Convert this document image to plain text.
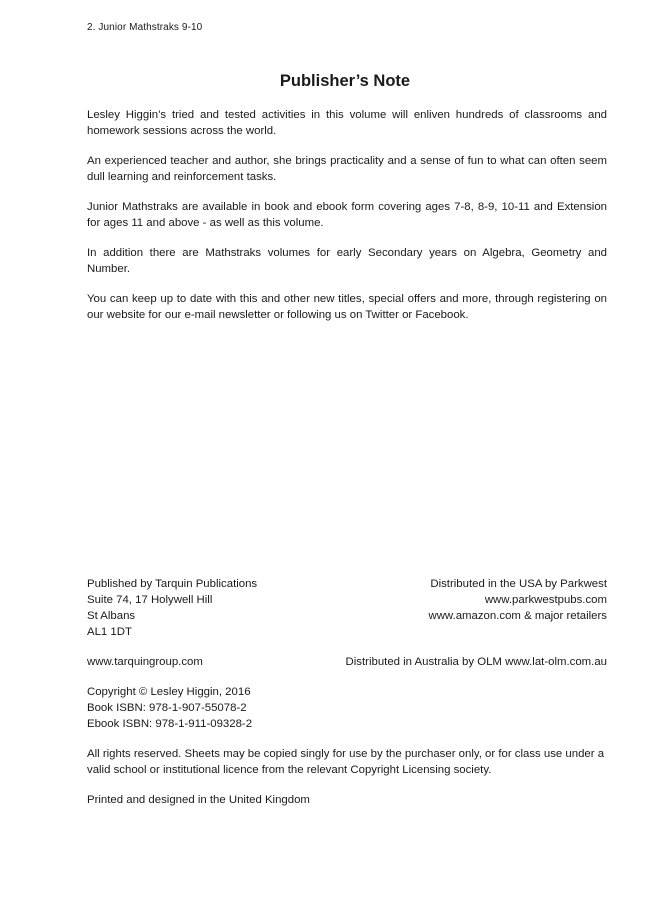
2. Junior Mathstraks 9-10
Publisher’s Note

Lesley Higgin’s tried and tested activities in this volume will enliven hundreds of classrooms and homework sessions across the world.

An experienced teacher and author, she brings practicality and a sense of fun to what can often seem dull learning and reinforcement tasks.

Junior Mathstraks are available in book and ebook form covering ages 7-8, 8-9, 10-11 and Extension for ages 11 and above - as well as this volume.

In addition there are Mathstraks volumes for early Secondary years on Algebra, Geometry and Number.

You can keep up to date with this and other new titles, special offers and more, through registering on our website for our e-mail newsletter or following us on Twitter or Facebook.

Published by Tarquin Publications
Suite 74, 17 Holywell Hill
St Albans
AL1 1DT
Distributed in the USA by Parkwest
www.parkwestpubs.com
www.amazon.com & major retailers
www.tarquingroup.com	Distributed in Australia by OLM www.lat-olm.com.au
Copyright © Lesley Higgin, 2016
Book ISBN: 978-1-907-55078-2
Ebook ISBN: 978-1-911-09328-2

All rights reserved. Sheets may be copied singly for use by the purchaser only, or for class use under a valid school or institutional licence from the relevant Copyright Licensing society.

Printed and designed in the United Kingdom
